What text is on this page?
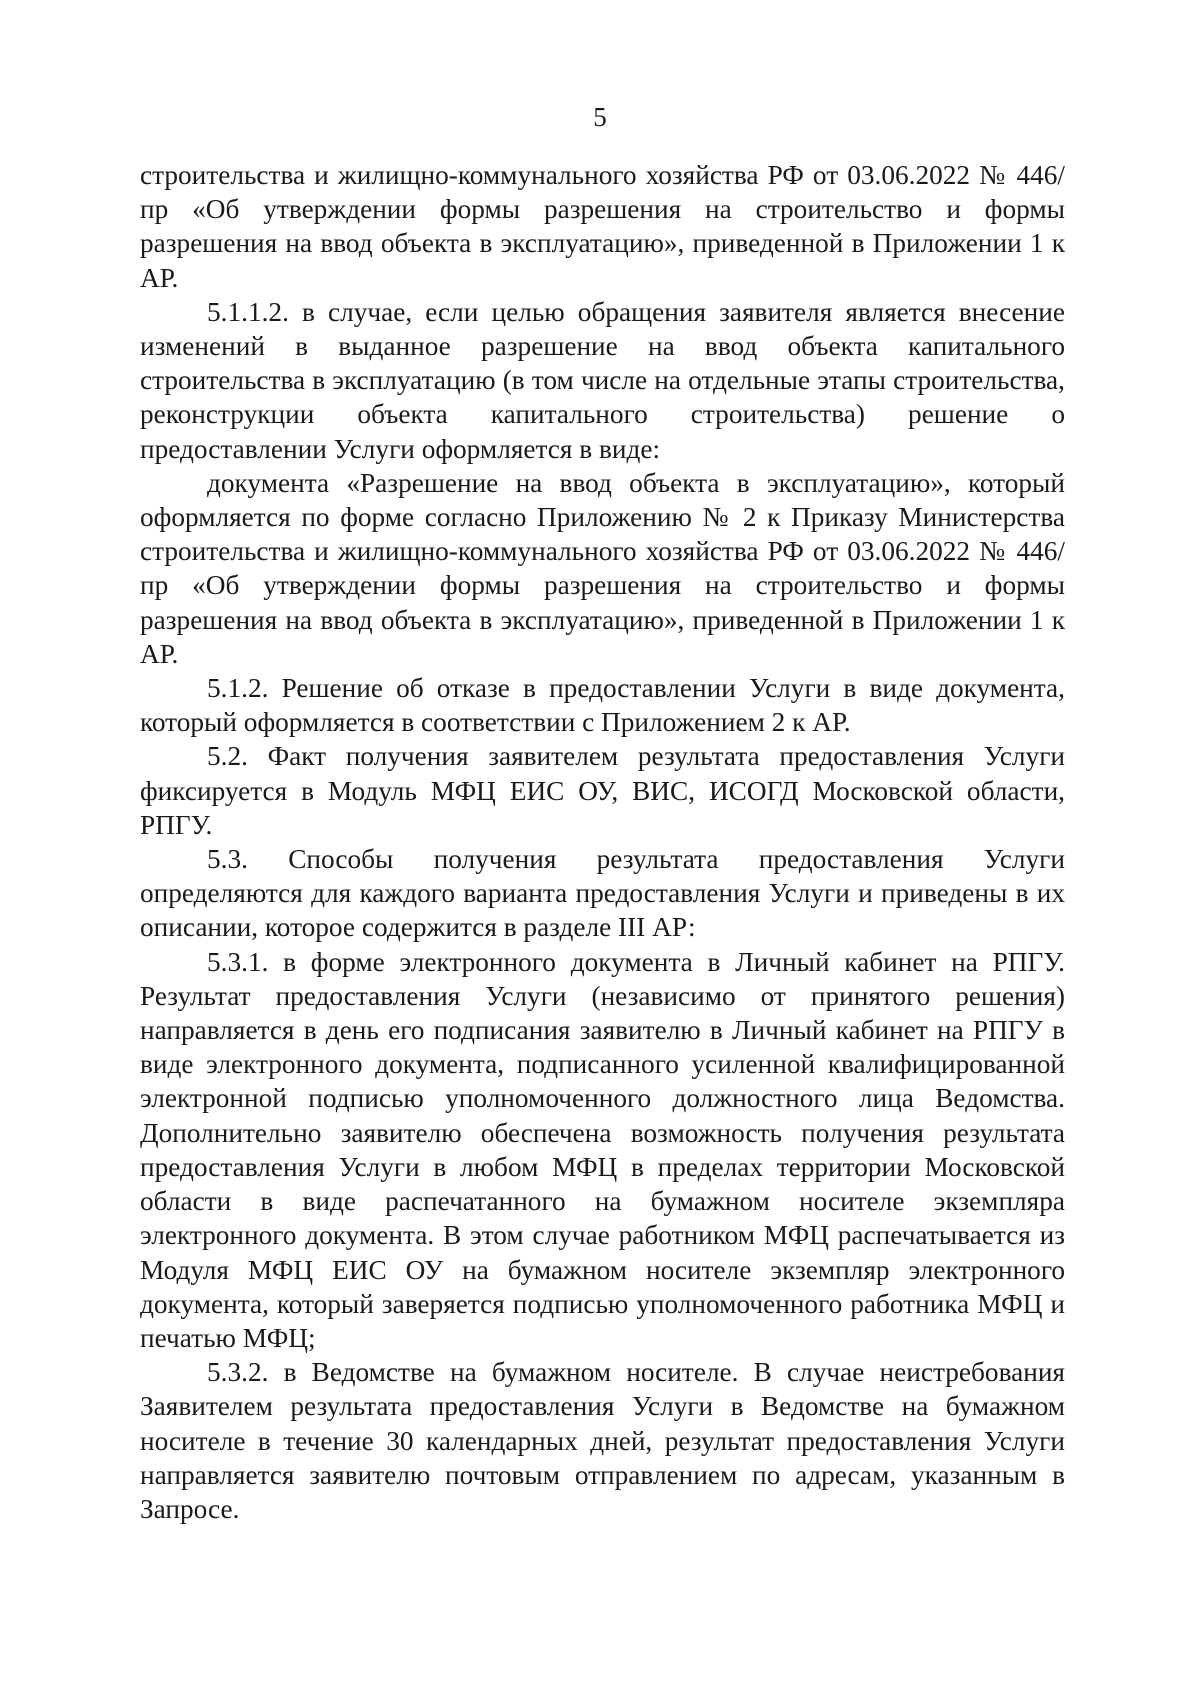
5

строительства и жилищно-коммунального хозяйства РФ от 03.06.2022 № 446/пр «Об утверждении формы разрешения на строительство и формы разрешения на ввод объекта в эксплуатацию», приведенной в Приложении 1 к АР.

5.1.1.2. в случае, если целью обращения заявителя является внесение изменений в выданное разрешение на ввод объекта капитального строительства в эксплуатацию (в том числе на отдельные этапы строительства, реконструкции объекта капитального строительства) решение о предоставлении Услуги оформляется в виде:

документа «Разрешение на ввод объекта в эксплуатацию», который оформляется по форме согласно Приложению № 2 к Приказу Министерства строительства и жилищно-коммунального хозяйства РФ от 03.06.2022 № 446/пр «Об утверждении формы разрешения на строительство и формы разрешения на ввод объекта в эксплуатацию», приведенной в Приложении 1 к АР.

5.1.2. Решение об отказе в предоставлении Услуги в виде документа, который оформляется в соответствии с Приложением 2 к АР.

5.2. Факт получения заявителем результата предоставления Услуги фиксируется в Модуль МФЦ ЕИС ОУ, ВИС, ИСОГД Московской области, РПГУ.

5.3. Способы получения результата предоставления Услуги определяются для каждого варианта предоставления Услуги и приведены в их описании, которое содержится в разделе III АР:

5.3.1. в форме электронного документа в Личный кабинет на РПГУ. Результат предоставления Услуги (независимо от принятого решения) направляется в день его подписания заявителю в Личный кабинет на РПГУ в виде электронного документа, подписанного усиленной квалифицированной электронной подписью уполномоченного должностного лица Ведомства. Дополнительно заявителю обеспечена возможность получения результата предоставления Услуги в любом МФЦ в пределах территории Московской области в виде распечатанного на бумажном носителе экземпляра электронного документа. В этом случае работником МФЦ распечатывается из Модуля МФЦ ЕИС ОУ на бумажном носителе экземпляр электронного документа, который заверяется подписью уполномоченного работника МФЦ и печатью МФЦ;

5.3.2. в Ведомстве на бумажном носителе. В случае неистребования Заявителем результата предоставления Услуги в Ведомстве на бумажном носителе в течение 30 календарных дней, результат предоставления Услуги направляется заявителю почтовым отправлением по адресам, указанным в Запросе.
